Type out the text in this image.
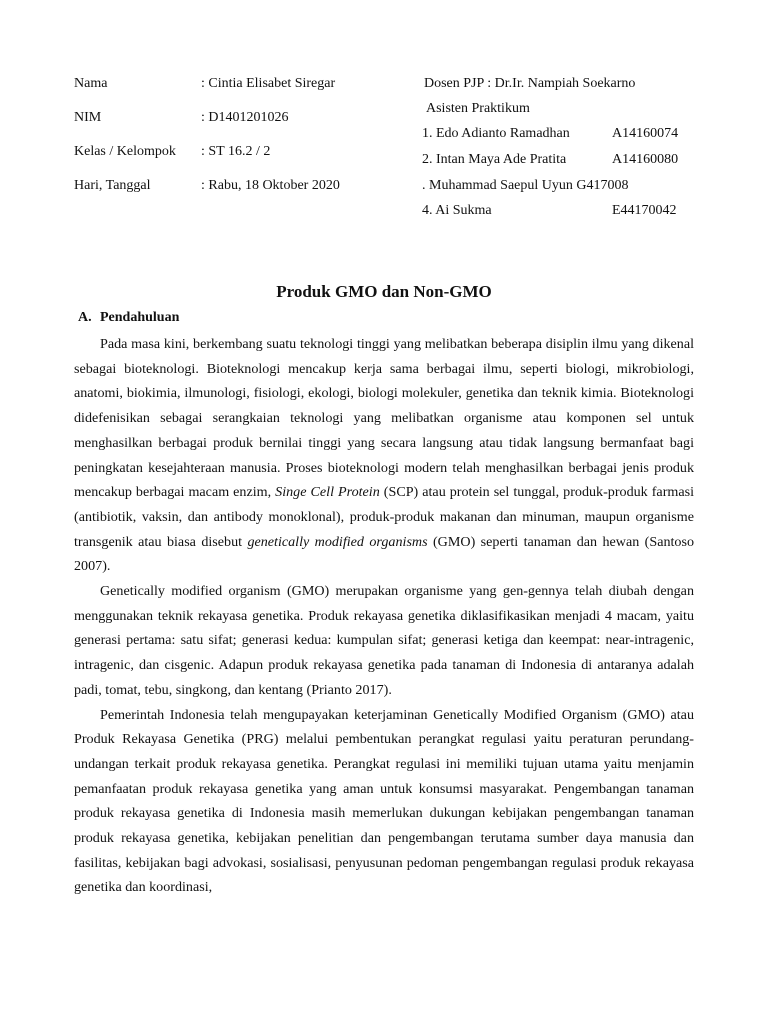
Nama	: Cintia Elisabet Siregar
NIM	: D1401201026
Kelas / Kelompok : ST 16.2 / 2
Hari, Tanggal	: Rabu, 18 Oktober 2020
Dosen PJP : Dr.Ir. Nampiah Soekarno
Asisten Praktikum
1. Edo Adianto Ramadhan	A14160074
2. Intan Maya Ade Pratita	A14160080
. Muhammad Saepul Uyun G417008
4. Ai Sukma	E44170042
Produk GMO dan Non-GMO
A. Pendahuluan

Pada masa kini, berkembang suatu teknologi tinggi yang melibatkan beberapa disiplin ilmu yang dikenal sebagai bioteknologi. Bioteknologi mencakup kerja sama berbagai ilmu, seperti biologi, mikrobiologi, anatomi, biokimia, ilmunologi, fisiologi, ekologi, biologi molekuler, genetika dan teknik kimia. Bioteknologi didefenisikan sebagai serangkaian teknologi yang melibatkan organisme atau komponen sel untuk menghasilkan berbagai produk bernilai tinggi yang secara langsung atau tidak langsung bermanfaat bagi peningkatan kesejahteraan manusia. Proses bioteknologi modern telah menghasilkan berbagai jenis produk mencakup berbagai macam enzim, Singe Cell Protein (SCP) atau protein sel tunggal, produk-produk farmasi (antibiotik, vaksin, dan antibody monoklonal), produk-produk makanan dan minuman, maupun organisme transgenik atau biasa disebut genetically modified organisms (GMO) seperti tanaman dan hewan (Santoso 2007).

Genetically modified organism (GMO) merupakan organisme yang gen-gennya telah diubah dengan menggunakan teknik rekayasa genetika. Produk rekayasa genetika diklasifikasikan menjadi 4 macam, yaitu generasi pertama: satu sifat; generasi kedua: kumpulan sifat; generasi ketiga dan keempat: near-intragenic, intragenic, dan cisgenic. Adapun produk rekayasa genetika pada tanaman di Indonesia di antaranya adalah padi, tomat, tebu, singkong, dan kentang (Prianto 2017).

Pemerintah Indonesia telah mengupayakan keterjaminan Genetically Modified Organism (GMO) atau Produk Rekayasa Genetika (PRG) melalui pembentukan perangkat regulasi yaitu peraturan perundang-undangan terkait produk rekayasa genetika. Perangkat regulasi ini memiliki tujuan utama yaitu menjamin pemanfaatan produk rekayasa genetika yang aman untuk konsumsi masyarakat. Pengembangan tanaman produk rekayasa genetika di Indonesia masih memerlukan dukungan kebijakan pengembangan tanaman produk rekayasa genetika, kebijakan penelitian dan pengembangan terutama sumber daya manusia dan fasilitas, kebijakan bagi advokasi, sosialisasi, penyusunan pedoman pengembangan regulasi produk rekayasa genetika dan koordinasi,
